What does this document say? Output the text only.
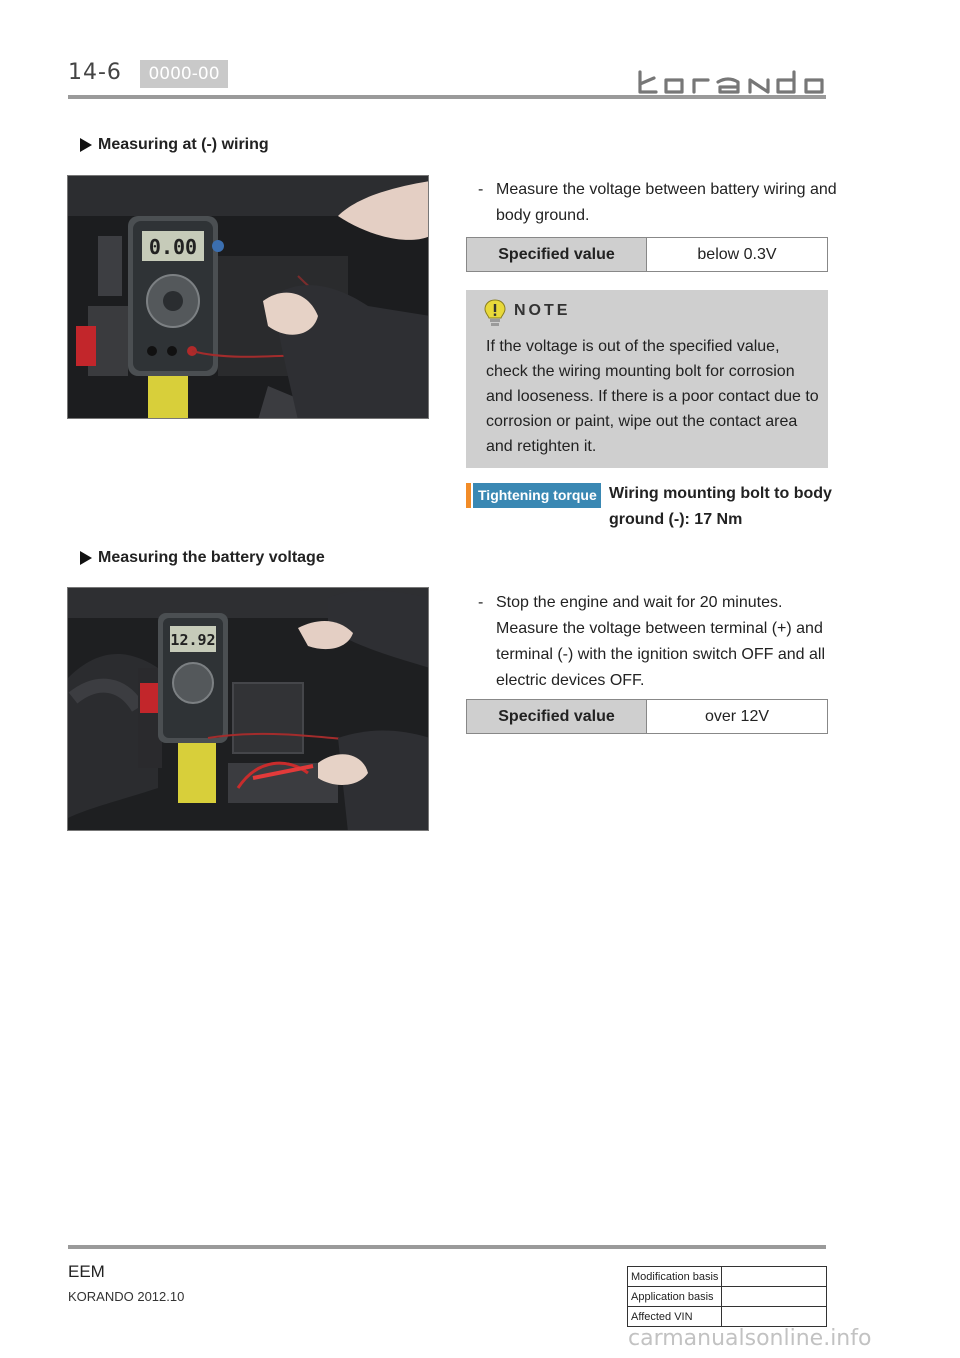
14-6	0000-00
Measuring at (-) wiring
0.00
- Measure the voltage between battery wiring and body ground.
Specified value	below 0.3V
NOTE
If the voltage is out of the specified value, check the wiring mounting bolt for corrosion and looseness. If there is a poor contact due to corrosion or paint, wipe out the contact area and retighten it.
Tightening torque Wiring mounting bolt to body ground (-): 17 Nm
Measuring the battery voltage
12.92
- Stop the engine and wait for 20 minutes. Measure the voltage between terminal (+) and terminal (-) with the ignition switch OFF and all electric devices OFF.
Specified value	over 12V
EEM
KORANDO 2012.10
Modification basis	
Application basis	
Affected VIN	
carmanualsonline.info
